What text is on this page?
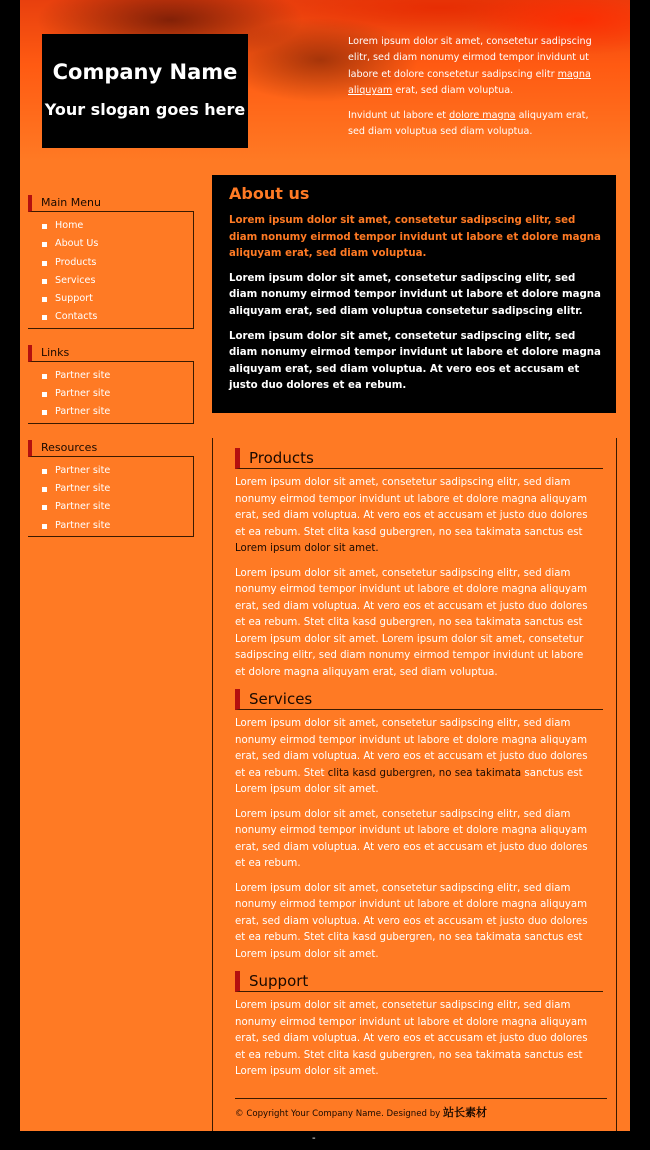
Company Name
Your slogan goes here

Lorem ipsum dolor sit amet, consetetur sadipscing elitr, sed diam nonumy eirmod tempor invidunt ut labore et dolore consetetur sadipscing elitr magna aliquyam erat, sed diam voluptua.

Invidunt ut labore et dolore magna aliquyam erat, sed diam voluptua sed diam voluptua.

Main Menu
Home
About Us
Products
Services
Support
Contacts
Links
Partner site
Partner site
Partner site
Resources
Partner site
Partner site
Partner site
Partner site
About us

Lorem ipsum dolor sit amet, consetetur sadipscing elitr, sed diam nonumy eirmod tempor invidunt ut labore et dolore magna aliquyam erat, sed diam voluptua.

Lorem ipsum dolor sit amet, consetetur sadipscing elitr, sed diam nonumy eirmod tempor invidunt ut labore et dolore magna aliquyam erat, sed diam voluptua consetetur sadipscing elitr.

Lorem ipsum dolor sit amet, consetetur sadipscing elitr, sed diam nonumy eirmod tempor invidunt ut labore et dolore magna aliquyam erat, sed diam voluptua. At vero eos et accusam et justo duo dolores et ea rebum.

Products

Lorem ipsum dolor sit amet, consetetur sadipscing elitr, sed diam nonumy eirmod tempor invidunt ut labore et dolore magna aliquyam erat, sed diam voluptua. At vero eos et accusam et justo duo dolores et ea rebum. Stet clita kasd gubergren, no sea takimata sanctus est Lorem ipsum dolor sit amet.

Lorem ipsum dolor sit amet, consetetur sadipscing elitr, sed diam nonumy eirmod tempor invidunt ut labore et dolore magna aliquyam erat, sed diam voluptua. At vero eos et accusam et justo duo dolores et ea rebum. Stet clita kasd gubergren, no sea takimata sanctus est Lorem ipsum dolor sit amet. Lorem ipsum dolor sit amet, consetetur sadipscing elitr, sed diam nonumy eirmod tempor invidunt ut labore et dolore magna aliquyam erat, sed diam voluptua.

Services

Lorem ipsum dolor sit amet, consetetur sadipscing elitr, sed diam nonumy eirmod tempor invidunt ut labore et dolore magna aliquyam erat, sed diam voluptua. At vero eos et accusam et justo duo dolores et ea rebum. Stet clita kasd gubergren, no sea takimata sanctus est Lorem ipsum dolor sit amet.

Lorem ipsum dolor sit amet, consetetur sadipscing elitr, sed diam nonumy eirmod tempor invidunt ut labore et dolore magna aliquyam erat, sed diam voluptua. At vero eos et accusam et justo duo dolores et ea rebum.

Lorem ipsum dolor sit amet, consetetur sadipscing elitr, sed diam nonumy eirmod tempor invidunt ut labore et dolore magna aliquyam erat, sed diam voluptua. At vero eos et accusam et justo duo dolores et ea rebum. Stet clita kasd gubergren, no sea takimata sanctus est Lorem ipsum dolor sit amet.

Support

Lorem ipsum dolor sit amet, consetetur sadipscing elitr, sed diam nonumy eirmod tempor invidunt ut labore et dolore magna aliquyam erat, sed diam voluptua. At vero eos et accusam et justo duo dolores et ea rebum. Stet clita kasd gubergren, no sea takimata sanctus est Lorem ipsum dolor sit amet.

© Copyright Your Company Name. Designed by 站长素材
-
